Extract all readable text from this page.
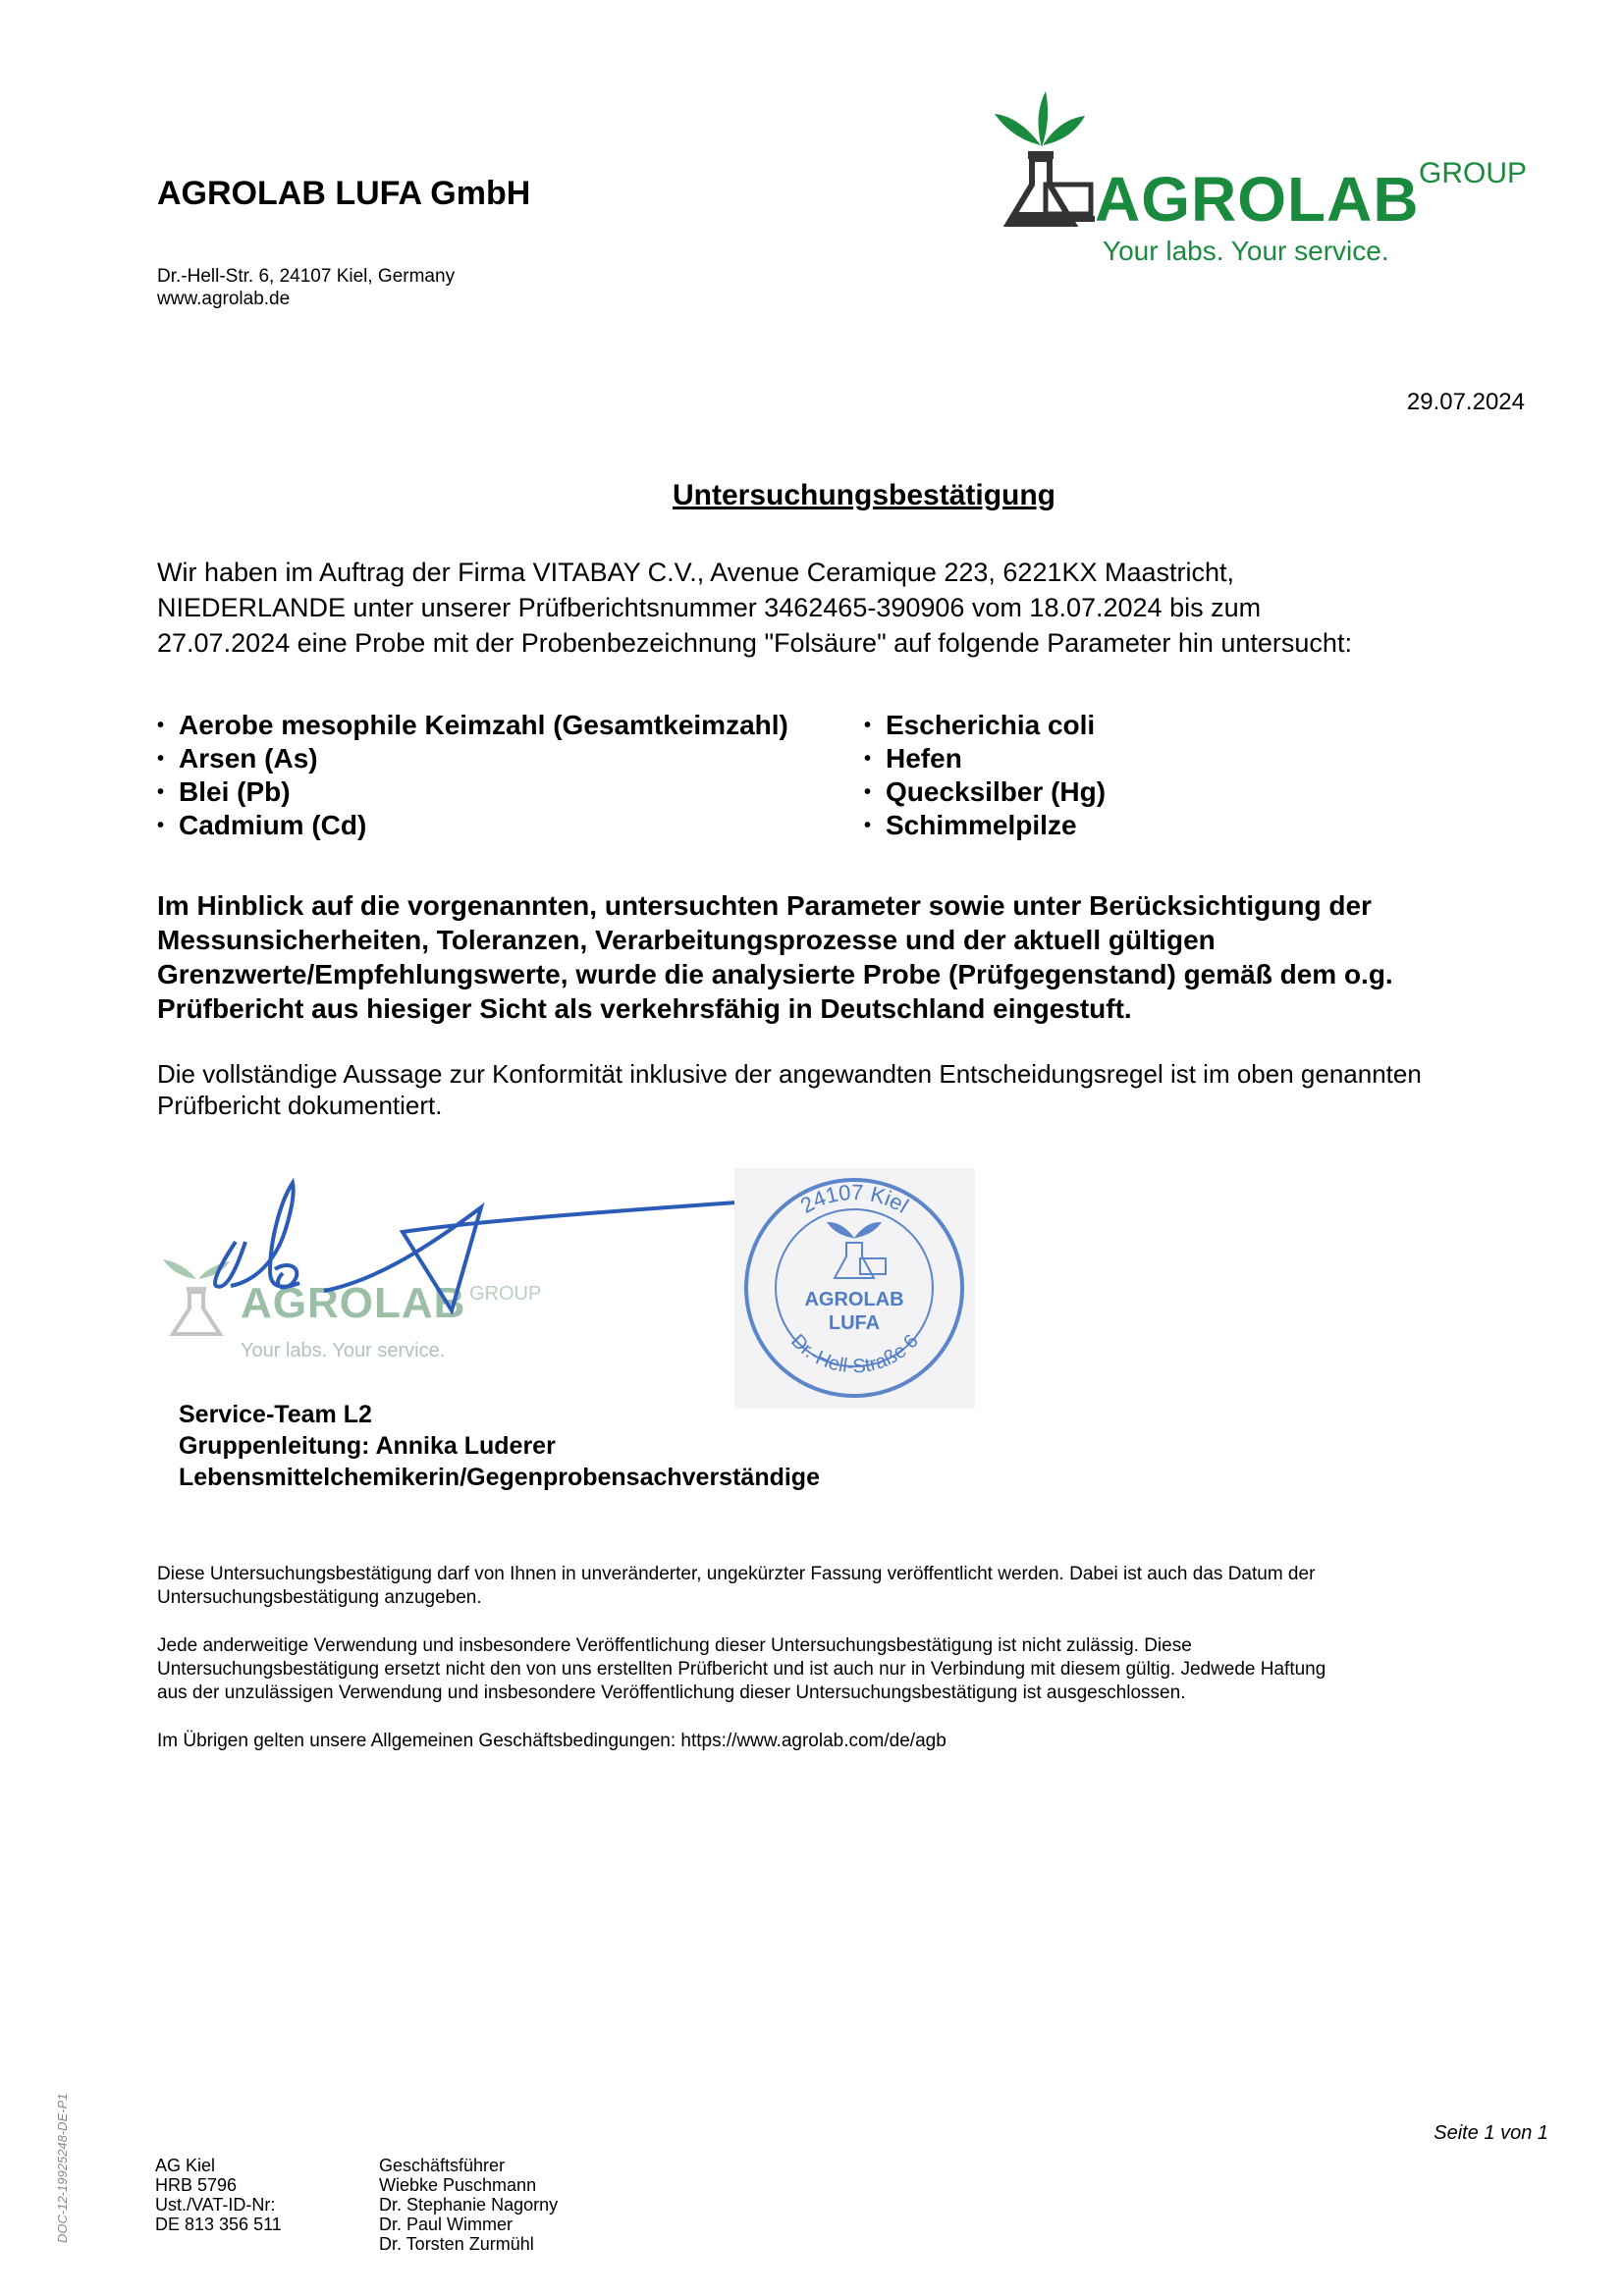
AGROLAB LUFA GmbH
Dr.-Hell-Str. 6, 24107 Kiel, Germany
www.agrolab.de
AGROLAB GROUP
Your labs. Your service.
29.07.2024
Untersuchungsbestätigung
Wir haben im Auftrag der Firma VITABAY C.V., Avenue Ceramique 223, 6221KX Maastricht,
NIEDERLANDE unter unserer Prüfberichtsnummer 3462465-390906 vom 18.07.2024 bis zum
27.07.2024 eine Probe mit der Probenbezeichnung "Folsäure" auf folgende Parameter hin untersucht:
• Aerobe mesophile Keimzahl (Gesamtkeimzahl)
• Arsen (As)
• Blei (Pb)
• Cadmium (Cd)
• Escherichia coli
• Hefen
• Quecksilber (Hg)
• Schimmelpilze
Im Hinblick auf die vorgenannten, untersuchten Parameter sowie unter Berücksichtigung der
Messunsicherheiten, Toleranzen, Verarbeitungsprozesse und der aktuell gültigen
Grenzwerte/Empfehlungswerte, wurde die analysierte Probe (Prüfgegenstand) gemäß dem o.g.
Prüfbericht aus hiesiger Sicht als verkehrsfähig in Deutschland eingestuft.
Die vollständige Aussage zur Konformität inklusive der angewandten Entscheidungsregel ist im oben genannten
Prüfbericht dokumentiert.
AGROLAB GROUP
Your labs. Your service.
24107 Kiel
Dr.-Hell-Straße 6
AGROLAB
LUFA
Service-Team L2
Gruppenleitung: Annika Luderer
Lebensmittelchemikerin/Gegenprobensachverständige
Diese Untersuchungsbestätigung darf von Ihnen in unveränderter, ungekürzter Fassung veröffentlicht werden. Dabei ist auch das Datum der
Untersuchungsbestätigung anzugeben.
Jede anderweitige Verwendung und insbesondere Veröffentlichung dieser Untersuchungsbestätigung ist nicht zulässig. Diese
Untersuchungsbestätigung ersetzt nicht den von uns erstellten Prüfbericht und ist auch nur in Verbindung mit diesem gültig. Jedwede Haftung
aus der unzulässigen Verwendung und insbesondere Veröffentlichung dieser Untersuchungsbestätigung ist ausgeschlossen.
Im Übrigen gelten unsere Allgemeinen Geschäftsbedingungen: https://www.agrolab.com/de/agb
Seite 1 von 1
DOC-12-19925248-DE-P1	AG Kiel
HRB 5796
Ust./VAT-ID-Nr:
DE 813 356 511
Geschäftsführer
Wiebke Puschmann
Dr. Stephanie Nagorny
Dr. Paul Wimmer
Dr. Torsten Zurmühl
